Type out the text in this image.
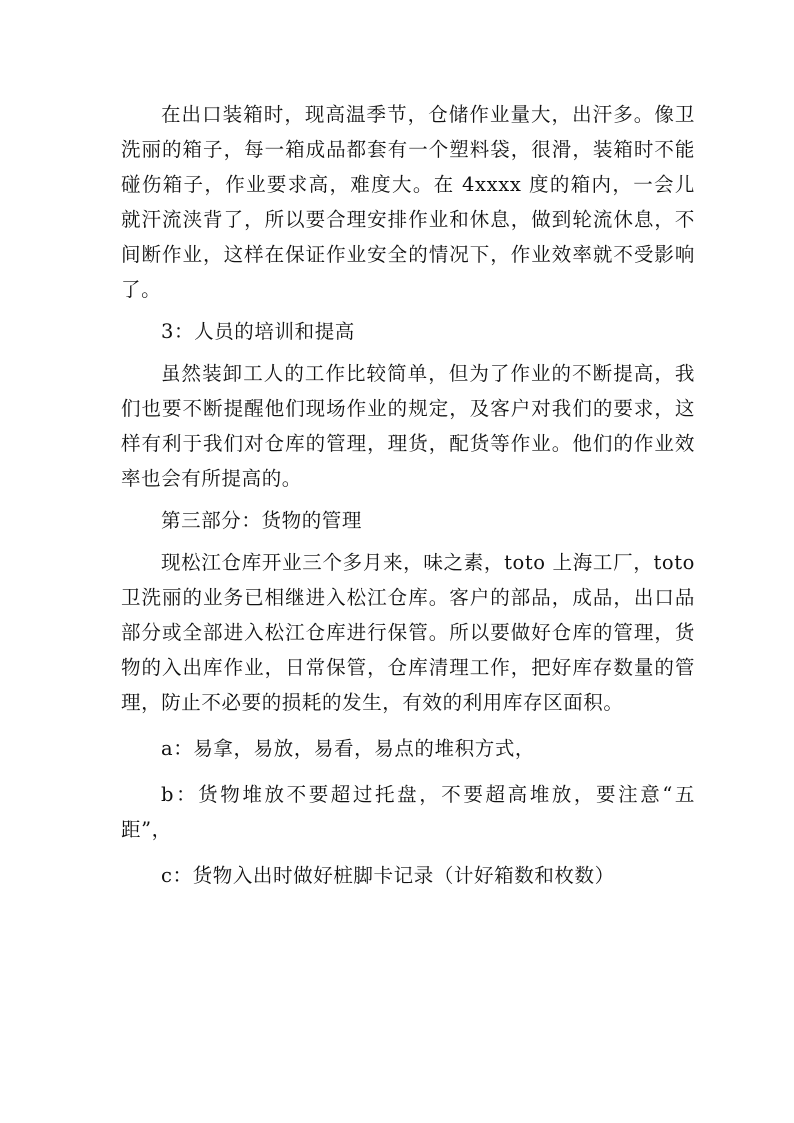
在出口装箱时，现高温季节，仓储作业量大，出汗多。像卫洗丽的箱子，每一箱成品都套有一个塑料袋，很滑，装箱时不能碰伤箱子，作业要求高，难度大。在 4xxxx 度的箱内，一会儿就汗流浃背了，所以要合理安排作业和休息，做到轮流休息，不间断作业，这样在保证作业安全的情况下，作业效率就不受影响了。

3：人员的培训和提高

虽然装卸工人的工作比较简单，但为了作业的不断提高，我们也要不断提醒他们现场作业的规定，及客户对我们的要求，这样有利于我们对仓库的管理，理货，配货等作业。他们的作业效率也会有所提高的。

第三部分：货物的管理

现松江仓库开业三个多月来，味之素，toto 上海工厂，toto 卫洗丽的业务已相继进入松江仓库。客户的部品，成品，出口品部分或全部进入松江仓库进行保管。所以要做好仓库的管理，货物的入出库作业，日常保管，仓库清理工作，把好库存数量的管理，防止不必要的损耗的发生，有效的利用库存区面积。

a：易拿，易放，易看，易点的堆积方式，

b：货物堆放不要超过托盘，不要超高堆放，要注意“五距”，

c：货物入出时做好桩脚卡记录（计好箱数和枚数）
